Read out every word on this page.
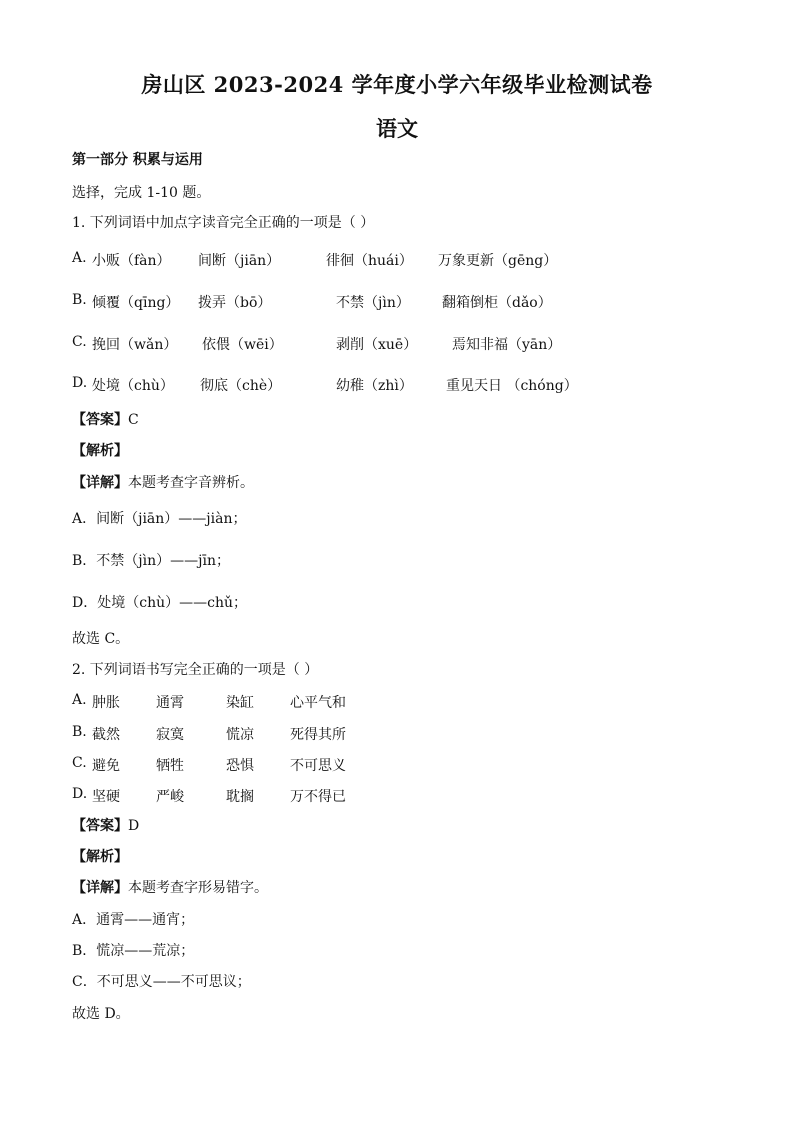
房山区 2023-2024 学年度小学六年级毕业检测试卷
语文
第一部分 积累与运用
选择，完成 1-10 题。
1. 下列词语中加点字读音完全正确的一项是（ ）
A. 小贩（fàn） 间断（jiān）	徘徊（huái） 万象更新（gēng）
B. 倾覆（qīng） 拨弄（bō）	不禁（jìn） 翻箱倒柜（dǎo）
C. 挽回（wǎn） 依偎（wēi）	剥削（xuē） 焉知非福（yān）
D. 处境（chù） 彻底（chè）	幼稚（zhì） 重见天日 （chóng）
【答案】C
【解析】
【详解】本题考查字音辨析。
A．间断（jiān）——jiàn；
B．不禁（jìn）——jīn；
D．处境（chù）——chǔ；
故选 C。
2. 下列词语书写完全正确的一项是（ ）
A. 肿胀	通霄	染缸	心平气和
B. 截然	寂寞	慌凉	死得其所
C. 避免	牺牲	恐惧	不可思义
D. 坚硬	严峻	耽搁	万不得已
【答案】D
【解析】
【详解】本题考查字形易错字。
A．通霄——通宵；
B．慌凉——荒凉；
C．不可思义——不可思议；
故选 D。
